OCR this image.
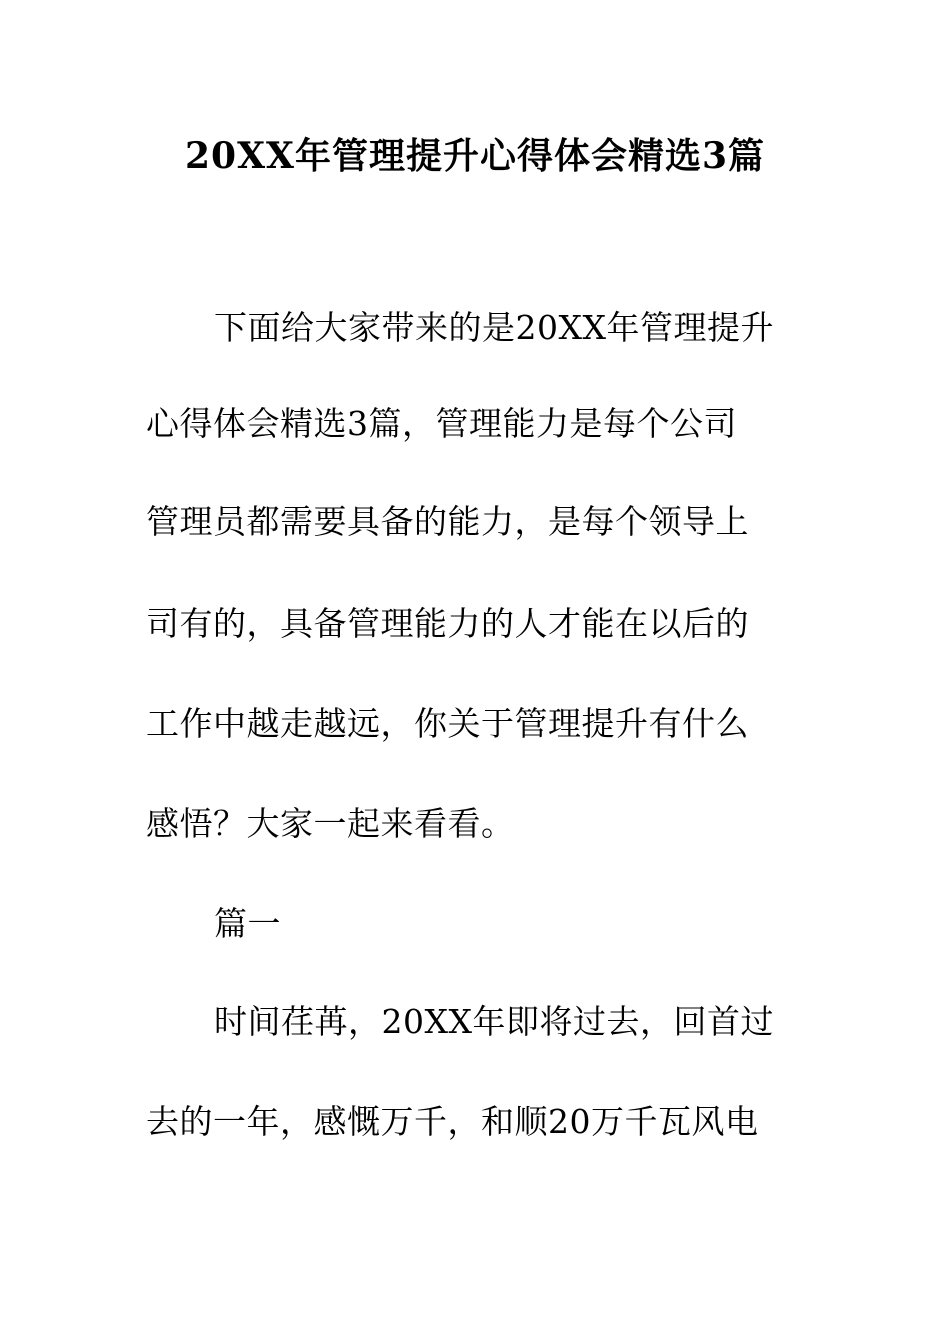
20XX年管理提升心得体会精选3篇

下面给大家带来的是20XX年管理提升

心得体会精选3篇，管理能力是每个公司

管理员都需要具备的能力，是每个领导上

司有的，具备管理能力的人才能在以后的

工作中越走越远，你关于管理提升有什么

感悟？大家一起来看看。

篇一

时间荏苒，20XX年即将过去，回首过

去的一年，感慨万千，和顺20万千瓦风电
